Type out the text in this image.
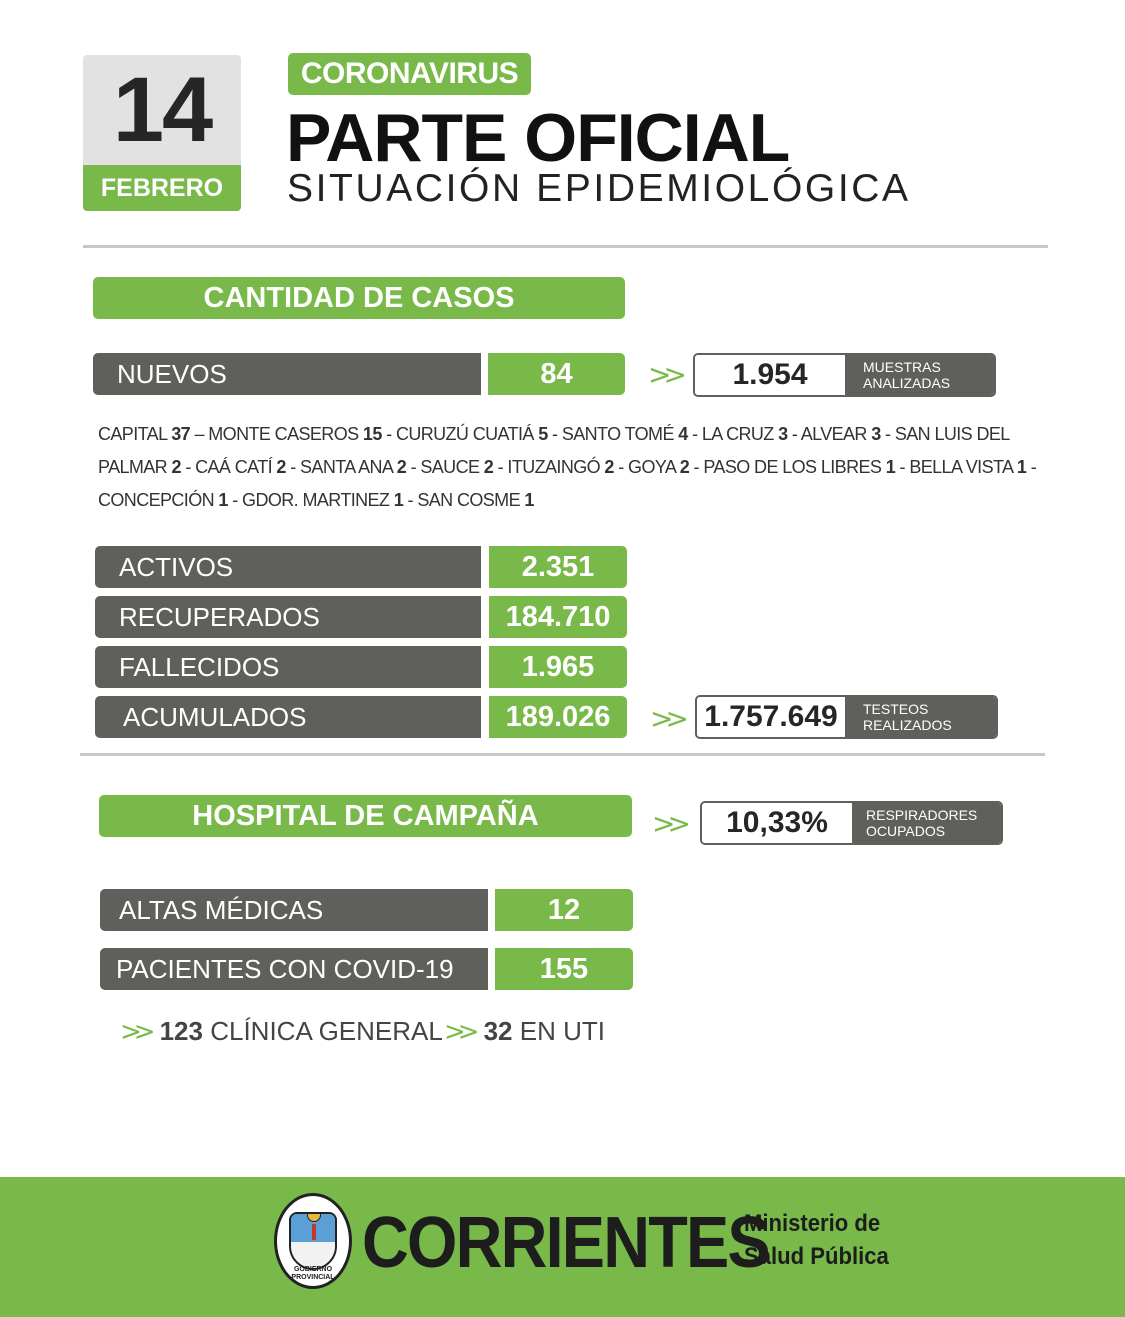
14
FEBRERO
CORONAVIRUS
PARTE OFICIAL
SITUACIÓN EPIDEMIOLÓGICA
CANTIDAD DE CASOS
NUEVOS	84	>>	1.954	MUESTRAS
ANALIZADAS
CAPITAL 37 – MONTE CASEROS 15 - CURUZÚ CUATIÁ 5 - SANTO TOMÉ 4 - LA CRUZ 3 - ALVEAR 3 - SAN LUIS DEL PALMAR 2 - CAÁ CATÍ 2 - SANTA ANA 2 - SAUCE 2 - ITUZAINGÓ 2 - GOYA 2 - PASO DE LOS LIBRES 1 - BELLA VISTA 1 - CONCEPCIÓN 1 - GDOR. MARTINEZ 1 - SAN COSME 1
ACTIVOS	2.351
RECUPERADOS	184.710
FALLECIDOS	1.965
ACUMULADOS	189.026	>> 1.757.649	TESTEOS
REALIZADOS
HOSPITAL DE CAMPAÑA	>>	10,33%	RESPIRADORES
OCUPADOS
ALTAS MÉDICAS	12
PACIENTES CON COVID-19	155
>> 123 CLÍNICA GENERAL >> 32 EN UTI
GOBIERNO PROVINCIAL CORRIENTES
Ministerio de
Salud Pública
